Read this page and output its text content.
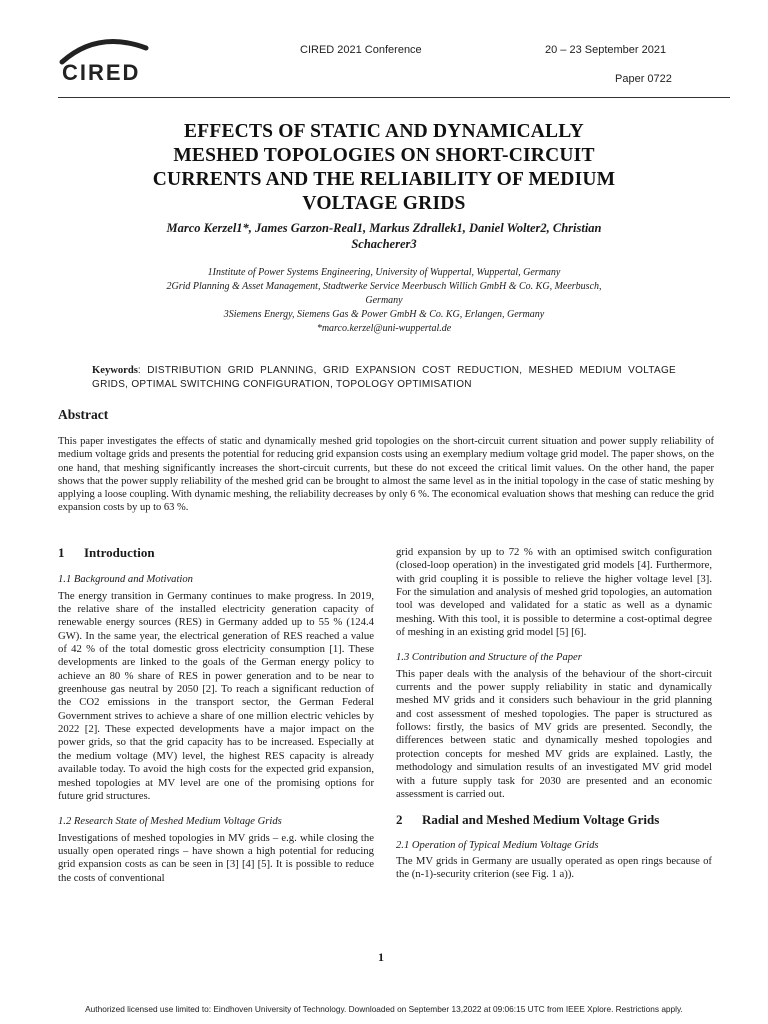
CIRED
CIRED 2021 Conference	20 – 23 September 2021
Paper 0722
EFFECTS OF STATIC AND DYNAMICALLY
MESHED TOPOLOGIES ON SHORT-CIRCUIT
CURRENTS AND THE RELIABILITY OF MEDIUM
VOLTAGE GRIDS
Marco Kerzel1*, James Garzon-Real1, Markus Zdrallek1, Daniel Wolter2, Christian
Schacherer3
1Institute of Power Systems Engineering, University of Wuppertal, Wuppertal, Germany
2Grid Planning & Asset Management, Stadtwerke Service Meerbusch Willich GmbH & Co. KG, Meerbusch,
Germany
3Siemens Energy, Siemens Gas & Power GmbH & Co. KG, Erlangen, Germany
*marco.kerzel@uni-wuppertal.de
Keywords: DISTRIBUTION GRID PLANNING, GRID EXPANSION COST REDUCTION, MESHED MEDIUM VOLTAGE GRIDS, OPTIMAL SWITCHING CONFIGURATION, TOPOLOGY OPTIMISATION
Abstract
This paper investigates the effects of static and dynamically meshed grid topologies on the short-circuit current situation and power supply reliability of medium voltage grids and presents the potential for reducing grid expansion costs using an exemplary medium voltage grid model. The paper shows, on the one hand, that meshing significantly increases the short-circuit currents, but these do not exceed the critical limit values. On the other hand, the paper shows that the power supply reliability of the meshed grid can be brought to almost the same level as in the initial topology in the case of static meshing by applying a loose coupling. With dynamic meshing, the reliability decreases by only 6 %. The economical evaluation shows that meshing can reduce the grid expansion costs by up to 63 %.
1 Introduction
1.1 Background and Motivation

The energy transition in Germany continues to make progress. In 2019, the relative share of the installed electricity generation capacity of renewable energy sources (RES) in Germany added up to 55 % (124.4 GW). In the same year, the electrical generation of RES reached a value of 42 % of the total domestic gross electricity consumption [1]. These developments are linked to the goals of the German energy policy to achieve an 80 % share of RES in power generation and to be near to greenhouse gas neutral by 2050 [2]. To reach a significant reduction of the CO2 emissions in the transport sector, the German Federal Government strives to achieve a share of one million electric vehicles by 2022 [2]. These expected developments have a major impact on the power grids, so that the grid capacity has to be increased. Especially at the medium voltage (MV) level, the highest RES capacity is already available today. To avoid the high costs for the expected grid expansion, meshed topologies at MV level are one of the promising options for future grid structures.

1.2 Research State of Meshed Medium Voltage Grids

Investigations of meshed topologies in MV grids – e.g. while closing the usually open operated rings – have shown a high potential for reducing grid expansion costs as can be seen in [3] [4] [5]. It is possible to reduce the costs of conventional

grid expansion by up to 72 % with an optimised switch configuration (closed-loop operation) in the investigated grid models [4]. Furthermore, with grid coupling it is possible to relieve the higher voltage level [3]. For the simulation and analysis of meshed grid topologies, an automation tool was developed and validated for a static as well as a dynamic meshing. With this tool, it is possible to determine a cost-optimal degree of meshing in an existing grid model [5] [6].

1.3 Contribution and Structure of the Paper

This paper deals with the analysis of the behaviour of the short-circuit currents and the power supply reliability in static and dynamically meshed MV grids and it considers such behaviour in the grid planning and cost assessment of meshed topologies. The paper is structured as follows: firstly, the basics of MV grids are presented. Secondly, the differences between static and dynamically meshed topologies and protection concepts for meshed MV grids are explained. Lastly, the methodology and simulation results of an investigated MV grid model with a future supply task for 2030 are presented and an economic assessment is carried out.

2 Radial and Meshed Medium Voltage Grids
2.1 Operation of Typical Medium Voltage Grids

The MV grids in Germany are usually operated as open rings because of the (n-1)-security criterion (see Fig. 1 a)).

1
Authorized licensed use limited to: Eindhoven University of Technology. Downloaded on September 13,2022 at 09:06:15 UTC from IEEE Xplore. Restrictions apply.
